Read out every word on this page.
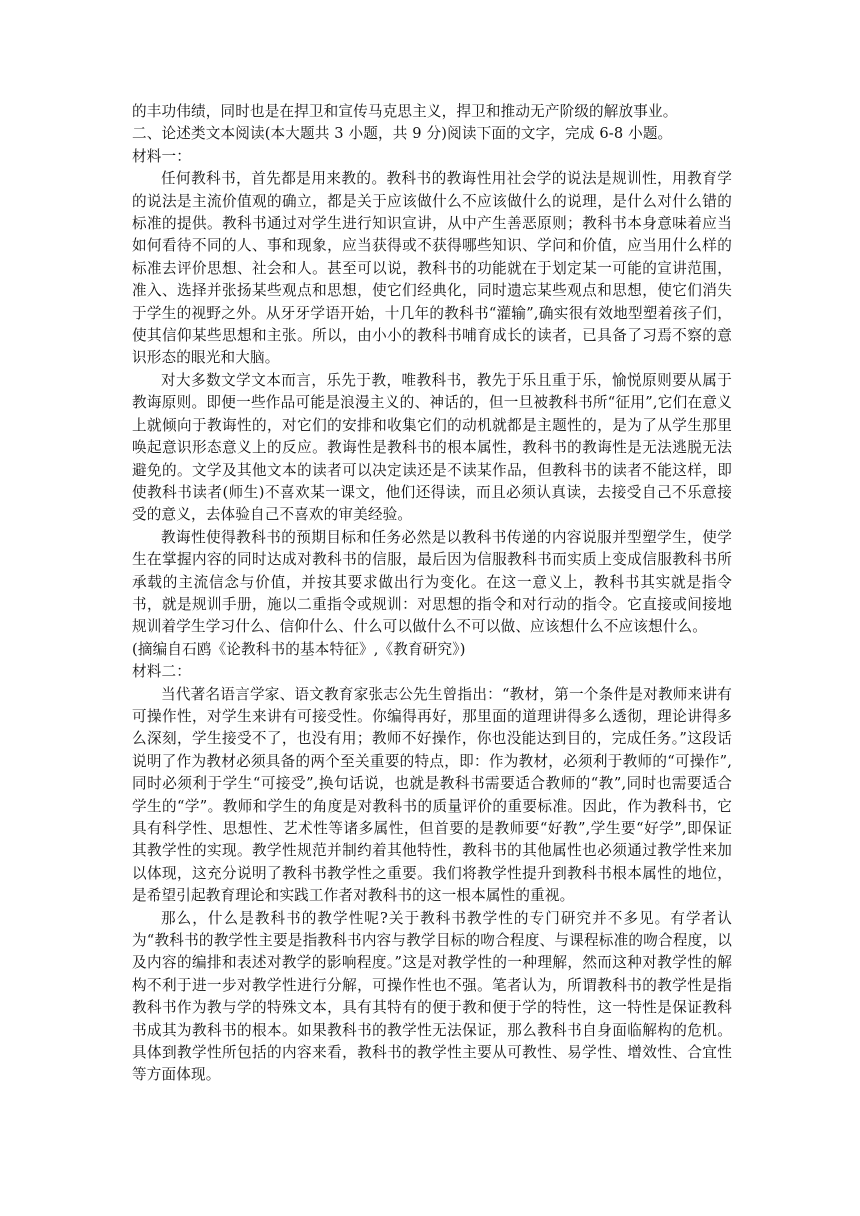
的丰功伟绩，同时也是在捍卫和宣传马克思主义，捍卫和推动无产阶级的解放事业。

二、论述类文本阅读(本大题共 3 小题，共 9 分)阅读下面的文字，完成 6-8 小题。

材料一：

任何教科书，首先都是用来教的。教科书的教诲性用社会学的说法是规训性，用教育学的说法是主流价值观的确立，都是关于应该做什么不应该做什么的说理，是什么对什么错的标准的提供。教科书通过对学生进行知识宣讲，从中产生善恶原则；教科书本身意味着应当如何看待不同的人、事和现象，应当获得或不获得哪些知识、学问和价值，应当用什么样的标准去评价思想、社会和人。甚至可以说，教科书的功能就在于划定某一可能的宣讲范围，准入、选择并张扬某些观点和思想，使它们经典化，同时遗忘某些观点和思想，使它们消失于学生的视野之外。从牙牙学语开始，十几年的教科书“灌输”,确实很有效地型塑着孩子们，使其信仰某些思想和主张。所以，由小小的教科书哺育成长的读者，已具备了习焉不察的意识形态的眼光和大脑。

对大多数文学文本而言，乐先于教，唯教科书，教先于乐且重于乐，愉悦原则要从属于教诲原则。即便一些作品可能是浪漫主义的、神话的，但一旦被教科书所“征用”,它们在意义上就倾向于教诲性的，对它们的安排和收集它们的动机就都是主题性的，是为了从学生那里唤起意识形态意义上的反应。教诲性是教科书的根本属性，教科书的教诲性是无法逃脱无法避免的。文学及其他文本的读者可以决定读还是不读某作品，但教科书的读者不能这样，即使教科书读者(师生)不喜欢某一课文，他们还得读，而且必须认真读，去接受自己不乐意接受的意义，去体验自己不喜欢的审美经验。

教诲性使得教科书的预期目标和任务必然是以教科书传递的内容说服并型塑学生，使学生在掌握内容的同时达成对教科书的信服，最后因为信服教科书而实质上变成信服教科书所承载的主流信念与价值，并按其要求做出行为变化。在这一意义上，教科书其实就是指令书，就是规训手册，施以二重指令或规训：对思想的指令和对行动的指令。它直接或间接地规训着学生学习什么、信仰什么、什么可以做什么不可以做、应该想什么不应该想什么。

(摘编自石鸥《论教科书的基本特征》,《教育研究》)

材料二：

当代著名语言学家、语文教育家张志公先生曾指出：“教材，第一个条件是对教师来讲有可操作性，对学生来讲有可接受性。你编得再好，那里面的道理讲得多么透彻，理论讲得多么深刻，学生接受不了，也没有用；教师不好操作，你也没能达到目的，完成任务。”这段话说明了作为教材必须具备的两个至关重要的特点，即：作为教材，必须利于教师的“可操作”,同时必须利于学生“可接受”,换句话说，也就是教科书需要适合教师的“教”,同时也需要适合学生的“学”。教师和学生的角度是对教科书的质量评价的重要标准。因此，作为教科书，它具有科学性、思想性、艺术性等诸多属性，但首要的是教师要“好教”,学生要“好学”,即保证其教学性的实现。教学性规范并制约着其他特性，教科书的其他属性也必须通过教学性来加以体现，这充分说明了教科书教学性之重要。我们将教学性提升到教科书根本属性的地位，是希望引起教育理论和实践工作者对教科书的这一根本属性的重视。

那么，什么是教科书的教学性呢?关于教科书教学性的专门研究并不多见。有学者认为“教科书的教学性主要是指教科书内容与教学目标的吻合程度、与课程标准的吻合程度，以及内容的编排和表述对教学的影响程度。”这是对教学性的一种理解，然而这种对教学性的解构不利于进一步对教学性进行分解，可操作性也不强。笔者认为，所谓教科书的教学性是指教科书作为教与学的特殊文本，具有其特有的便于教和便于学的特性，这一特性是保证教科书成其为教科书的根本。如果教科书的教学性无法保证，那么教科书自身面临解构的危机。具体到教学性所包括的内容来看，教科书的教学性主要从可教性、易学性、增效性、合宜性等方面体现。
